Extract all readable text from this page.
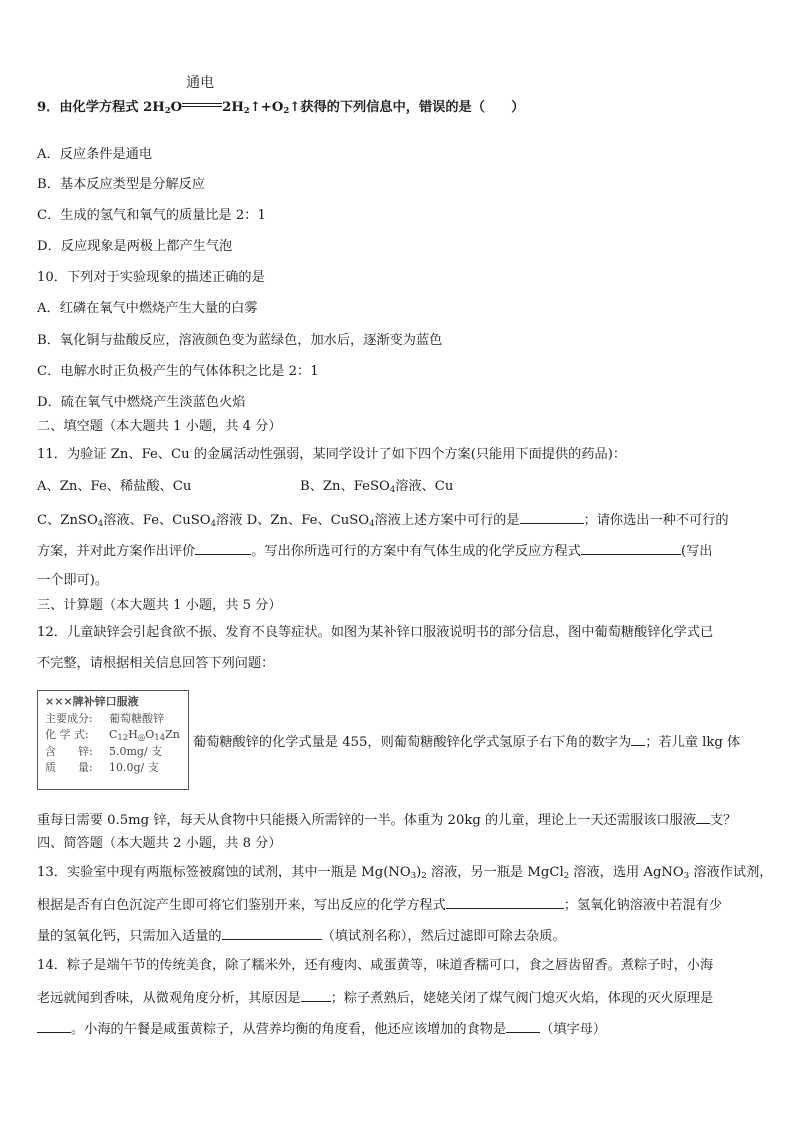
9．由化学方程式 $2H_2O$
通电
$2H_2↑+O_2↑$获得的下列信息中，错误的是（　　）
A．反应条件是通电
B．基本反应类型是分解反应
C．生成的氢气和氧气的质量比是 2：1
D．反应现象是两极上都产生气泡
10．下列对于实验现象的描述正确的是
A．红磷在氧气中燃烧产生大量的白雾
B．氧化铜与盐酸反应，溶液颜色变为蓝绿色，加水后，逐渐变为蓝色
C．电解水时正负极产生的气体体积之比是 2：1
D．硫在氧气中燃烧产生淡蓝色火焰
二、填空题（本大题共 1 小题，共 4 分）
11．为验证 Zn、Fe、Cu 的金属活动性强弱，某同学设计了如下四个方案(只能用下面提供的药品)：
A、Zn、Fe、稀盐酸、Cu	B、Zn、FeSO$_4$溶液、Cu
C、ZnSO$_4$溶液、Fe、CuSO$_4$溶液 D、Zn、Fe、CuSO$_4$溶液上述方案中可行的是	；请你选出一种不可行的
方案，并对此方案作出评价	。写出你所选可行的方案中有气体生成的化学反应方程式	(写出
一个即可)。
三、计算题（本大题共 1 小题，共 5 分）
12．儿童缺锌会引起食欲不振、发育不良等症状。如图为某补锌口服液说明书的部分信息，图中葡萄糖酸锌化学式已
不完整，请根据相关信息回答下列问题：
×××牌补锌口服液
主要成分: 葡萄糖酸锌
化 学 式: $C_{12}H_◎O_{14}Zn$
含　　锌: 5.0mg/ 支
质　　量: 10.0g/ 支
葡萄糖酸锌的化学式量是 455，则葡萄糖酸锌化学式氢原子右下角的数字为 ；若儿童 lkg 体
重每日需要 0.5mg 锌，每天从食物中只能摄入所需锌的一半。体重为 20kg 的儿童，理论上一天还需服该口服液 支？
四、简答题（本大题共 2 小题，共 8 分）
13．实验室中现有两瓶标签被腐蚀的试剂，其中一瓶是 $Mg(NO_3)_2$ 溶液，另一瓶是 MgCl$_2$ 溶液，选用 AgNO$_3$ 溶液作试剂，
根据是否有白色沉淀产生即可将它们鉴别开来，写出反应的化学方程式	；氢氧化钠溶液中若混有少
量的氢氧化钙，只需加入适量的	（填试剂名称），然后过滤即可除去杂质。
14．粽子是端午节的传统美食，除了糯米外，还有瘦肉、咸蛋黄等，味道香糯可口，食之唇齿留香。煮粽子时，小海
老远就闻到香味，从微观角度分析，其原因是 ；粽子煮熟后，姥姥关闭了煤气阀门熄灭火焰，体现的灭火原理是
。小海的午餐是咸蛋黄粽子，从营养均衡的角度看，他还应该增加的食物是	（填字母）
